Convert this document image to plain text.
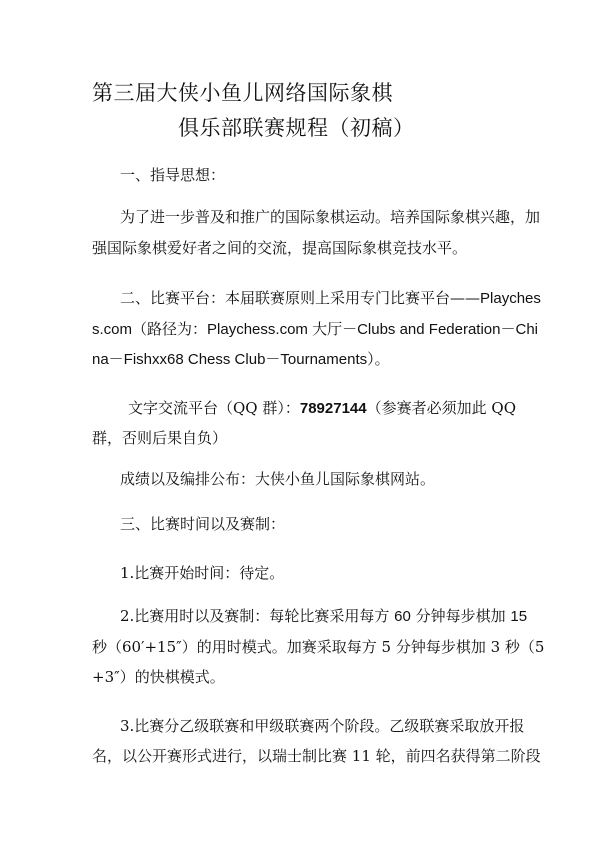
第三届大侠小鱼儿网络国际象棋
俱乐部联赛规程（初稿）
一、指导思想：
为了进一步普及和推广的国际象棋运动。培养国际象棋兴趣，加
强国际象棋爱好者之间的交流，提高国际象棋竞技水平。
二、比赛平台：本届联赛原则上采用专门比赛平台——Playches
s.com（路径为：Playchess.com 大厅－Clubs and Federation－Chi
na－Fishxx68 Chess Club－Tournaments）。
文字交流平台（QQ 群）：78927144（参赛者必须加此 QQ
群，否则后果自负）
成绩以及编排公布：大侠小鱼儿国际象棋网站。
三、比赛时间以及赛制：
1.比赛开始时间：待定。
2.比赛用时以及赛制：每轮比赛采用每方 60 分钟每步棋加 15
秒（60′+15″）的用时模式。加赛采取每方 5 分钟每步棋加 3 秒（5
+3″）的快棋模式。
3.比赛分乙级联赛和甲级联赛两个阶段。乙级联赛采取放开报
名，以公开赛形式进行，以瑞士制比赛 11 轮，前四名获得第二阶段
